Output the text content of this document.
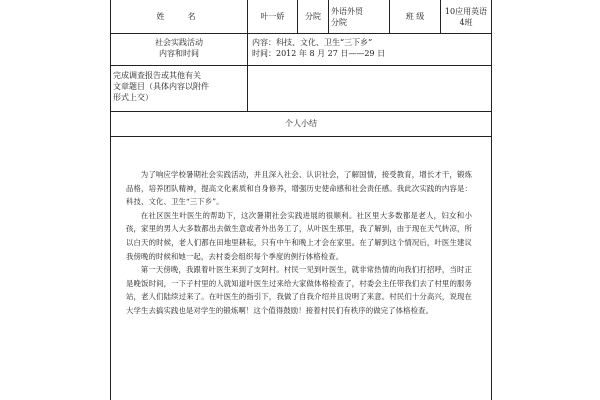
姓  名	叶一娇	分院
外语外贸
分院
班 级
10应用英语
4班
社会实践活动
内容和时间
内容：科技、文化、卫生“三下乡”
时间：2012 年 8 月 27 日——29 日
完成调查报告或其他有关
文章题目（具体内容以附件
形式上交）
个人小结

为了响应学校暑期社会实践活动，并且深入社会、认识社会，了解国情，接受教育，增长才干，锻炼品格，培养团队精神，提高文化素质和自身修养，增强历史使命感和社会责任感。我此次实践的内容是：科技、文化、卫生“三下乡”。

在社区医生叶医生的帮助下，这次暑期社会实践进展的很顺利。社区里大多数都是老人，妇女和小孩，家里的男人大多数都出去做生意或者外出务工了，从叶医生那里，我了解到，由于现在天气转凉，所以白天的时候，老人们都在田地里耕耘，只有中午和晚上才会在家里。在了解到这个情况后，叶医生建议我傍晚的时候和她一起，去村委会组织每个季度的例行体格检查。

第一天傍晚，我跟着叶医生来到了支阿村。村民一见到叶医生，就非常热情的向我们打招呼，当时正是晚饭时间，一下子村里的人就知道叶医生过来给大家做体格检查了，村委会主任带我们去了村里的服务站，老人们陆续过来了。在叶医生的指引下，我做了自我介绍并且说明了来意。村民们十分高兴，说现在大学生去搞实践也是对学生的锻炼啊！这个值得鼓励！接着村民们有秩序的做完了体格检查。
